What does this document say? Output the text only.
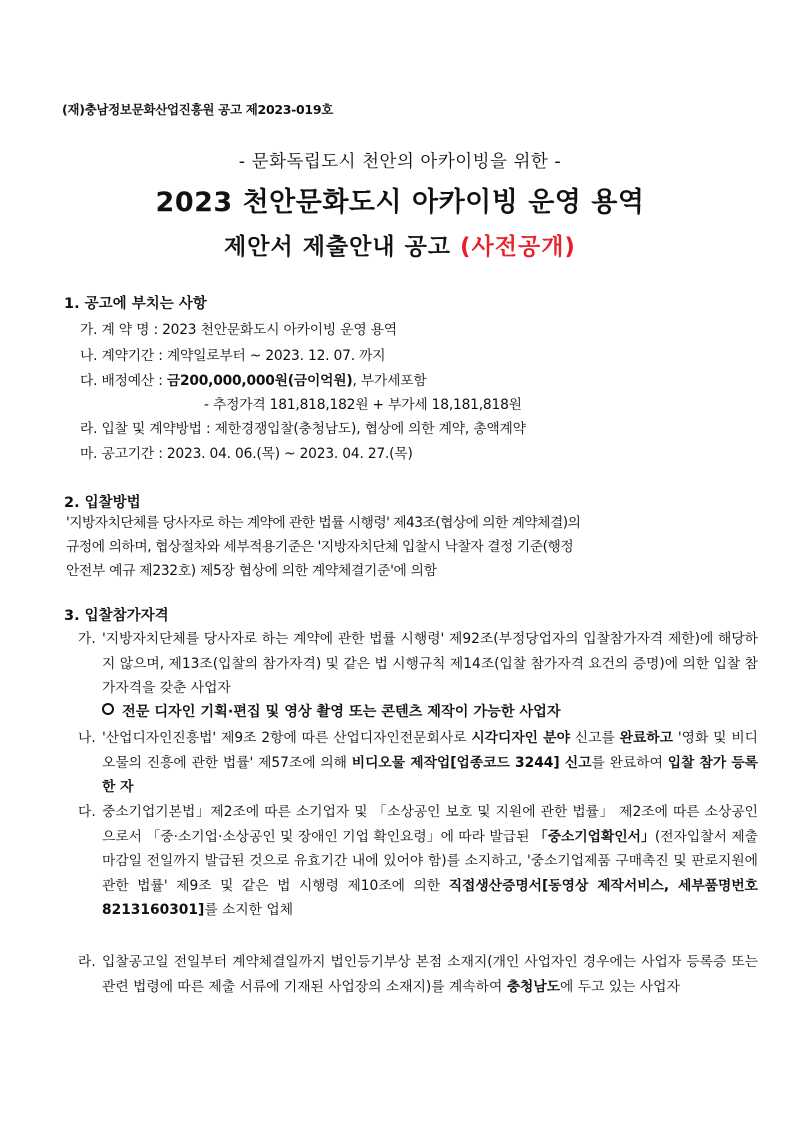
(재)충남정보문화산업진흥원 공고 제2023-019호
- 문화독립도시 천안의 아카이빙을 위한 -
2023 천안문화도시 아카이빙 운영 용역
제안서 제출안내 공고 (사전공개)
1. 공고에 부치는 사항
가. 계 약 명 : 2023 천안문화도시 아카이빙 운영 용역
나. 계약기간 : 계약일로부터 ~ 2023. 12. 07. 까지
다. 배정예산 : 금200,000,000원(금이억원), 부가세포함
- 추정가격 181,818,182원 + 부가세 18,181,818원
라. 입찰 및 계약방법 : 제한경쟁입찰(충청남도), 협상에 의한 계약, 총액계약
마. 공고기간 : 2023. 04. 06.(목) ~ 2023. 04. 27.(목)
2. 입찰방법
'지방자치단체를 당사자로 하는 계약에 관한 법률 시행령' 제43조(협상에 의한 계약체결)의
규정에 의하며, 협상절차와 세부적용기준은 '지방자치단체 입찰시 낙찰자 결정 기준(행정
안전부 예규 제232호) 제5장 협상에 의한 계약체결기준'에 의함
3. 입찰참가자격
가. '지방자치단체를 당사자로 하는 계약에 관한 법률 시행령' 제92조(부정당업자의 입찰참가자격 제한)에 해당하지 않으며, 제13조(입찰의 참가자격) 및 같은 법 시행규칙 제14조(입찰 참가자격 요건의 증명)에 의한 입찰 참가자격을 갖춘 사업자
전문 디자인 기획·편집 및 영상 촬영 또는 콘텐츠 제작이 가능한 사업자
나. '산업디자인진흥법' 제9조 2항에 따른 산업디자인전문회사로 시각디자인 분야 신고를 완료하고 '영화 및 비디오물의 진흥에 관한 법률' 제57조에 의해 비디오물 제작업[업종코드 3244] 신고를 완료하여 입찰 참가 등록한 자
다. 중소기업기본법」제2조에 따른 소기업자 및 「소상공인 보호 및 지원에 관한 법률」 제2조에 따른 소상공인으로서 「중·소기업·소상공인 및 장애인 기업 확인요령」에 따라 발급된 「중소기업확인서」(전자입찰서 제출 마감일 전일까지 발급된 것으로 유효기간 내에 있어야 함)를 소지하고, '중소기업제품 구매촉진 및 판로지원에 관한 법률' 제9조 및 같은 법 시행령 제10조에 의한 직접생산증명서[동영상 제작서비스, 세부품명번호 8213160301]를 소지한 업체
라. 입찰공고일 전일부터 계약체결일까지 법인등기부상 본점 소재지(개인 사업자인 경우에는 사업자 등록증 또는 관련 법령에 따른 제출 서류에 기재된 사업장의 소재지)를 계속하여 충청남도에 두고 있는 사업자
